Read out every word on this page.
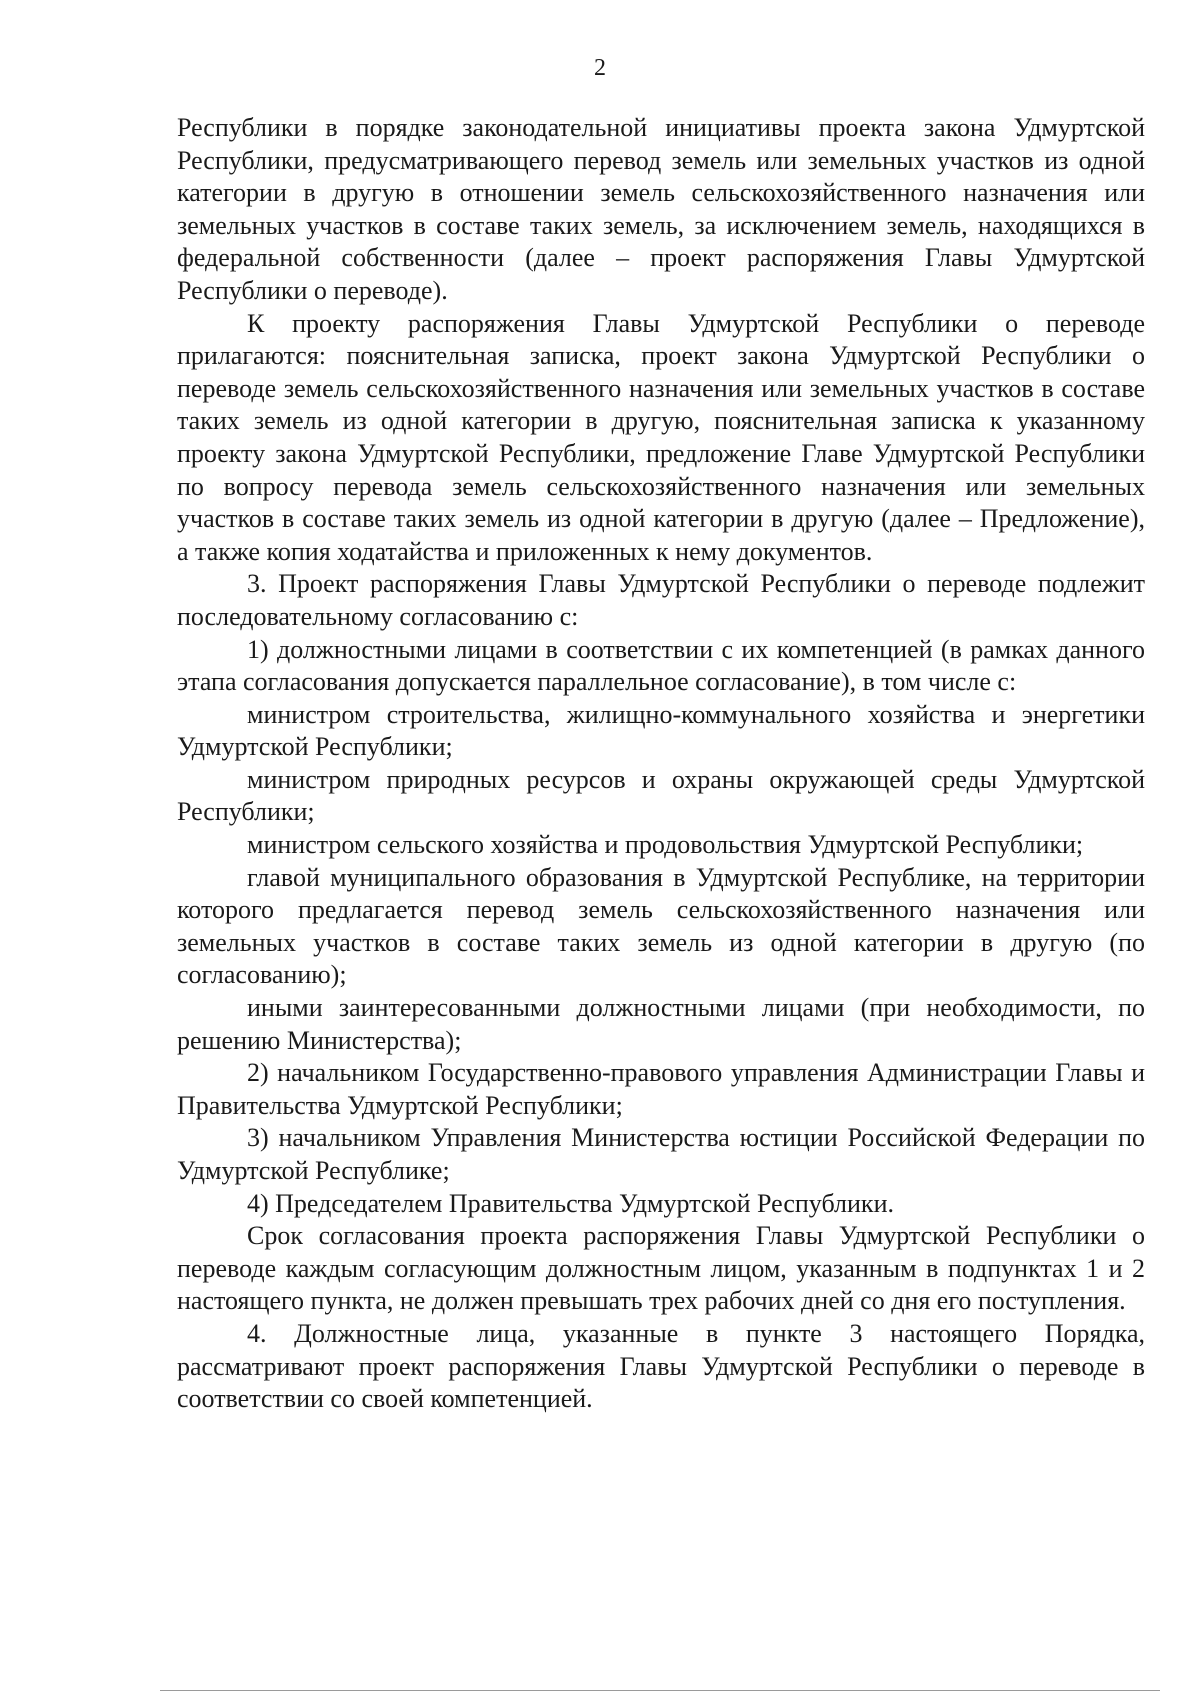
2

Республики в порядке законодательной инициативы проекта закона Удмуртской Республики, предусматривающего перевод земель или земельных участков из одной категории в другую в отношении земель сельскохозяйственного назначения или земельных участков в составе таких земель, за исключением земель, находящихся в федеральной собственности (далее – проект распоряжения Главы Удмуртской Республики о переводе).

К проекту распоряжения Главы Удмуртской Республики о переводе прилагаются: пояснительная записка, проект закона Удмуртской Республики о переводе земель сельскохозяйственного назначения или земельных участков в составе таких земель из одной категории в другую, пояснительная записка к указанному проекту закона Удмуртской Республики, предложение Главе Удмуртской Республики по вопросу перевода земель сельскохозяйственного назначения или земельных участков в составе таких земель из одной категории в другую (далее – Предложение), а также копия ходатайства и приложенных к нему документов.

3. Проект распоряжения Главы Удмуртской Республики о переводе подлежит последовательному согласованию с:

1) должностными лицами в соответствии с их компетенцией (в рамках данного этапа согласования допускается параллельное согласование), в том числе с:

министром строительства, жилищно-коммунального хозяйства и энергетики Удмуртской Республики;

министром природных ресурсов и охраны окружающей среды Удмуртской Республики;

министром сельского хозяйства и продовольствия Удмуртской Республики;

главой муниципального образования в Удмуртской Республике, на территории которого предлагается перевод земель сельскохозяйственного назначения или земельных участков в составе таких земель из одной категории в другую (по согласованию);

иными заинтересованными должностными лицами (при необходимости, по решению Министерства);

2) начальником Государственно-правового управления Администрации Главы и Правительства Удмуртской Республики;

3) начальником Управления Министерства юстиции Российской Федерации по Удмуртской Республике;

4) Председателем Правительства Удмуртской Республики.

Срок согласования проекта распоряжения Главы Удмуртской Республики о переводе каждым согласующим должностным лицом, указанным в подпунктах 1 и 2 настоящего пункта, не должен превышать трех рабочих дней со дня его поступления.

4. Должностные лица, указанные в пункте 3 настоящего Порядка, рассматривают проект распоряжения Главы Удмуртской Республики о переводе в соответствии со своей компетенцией.
